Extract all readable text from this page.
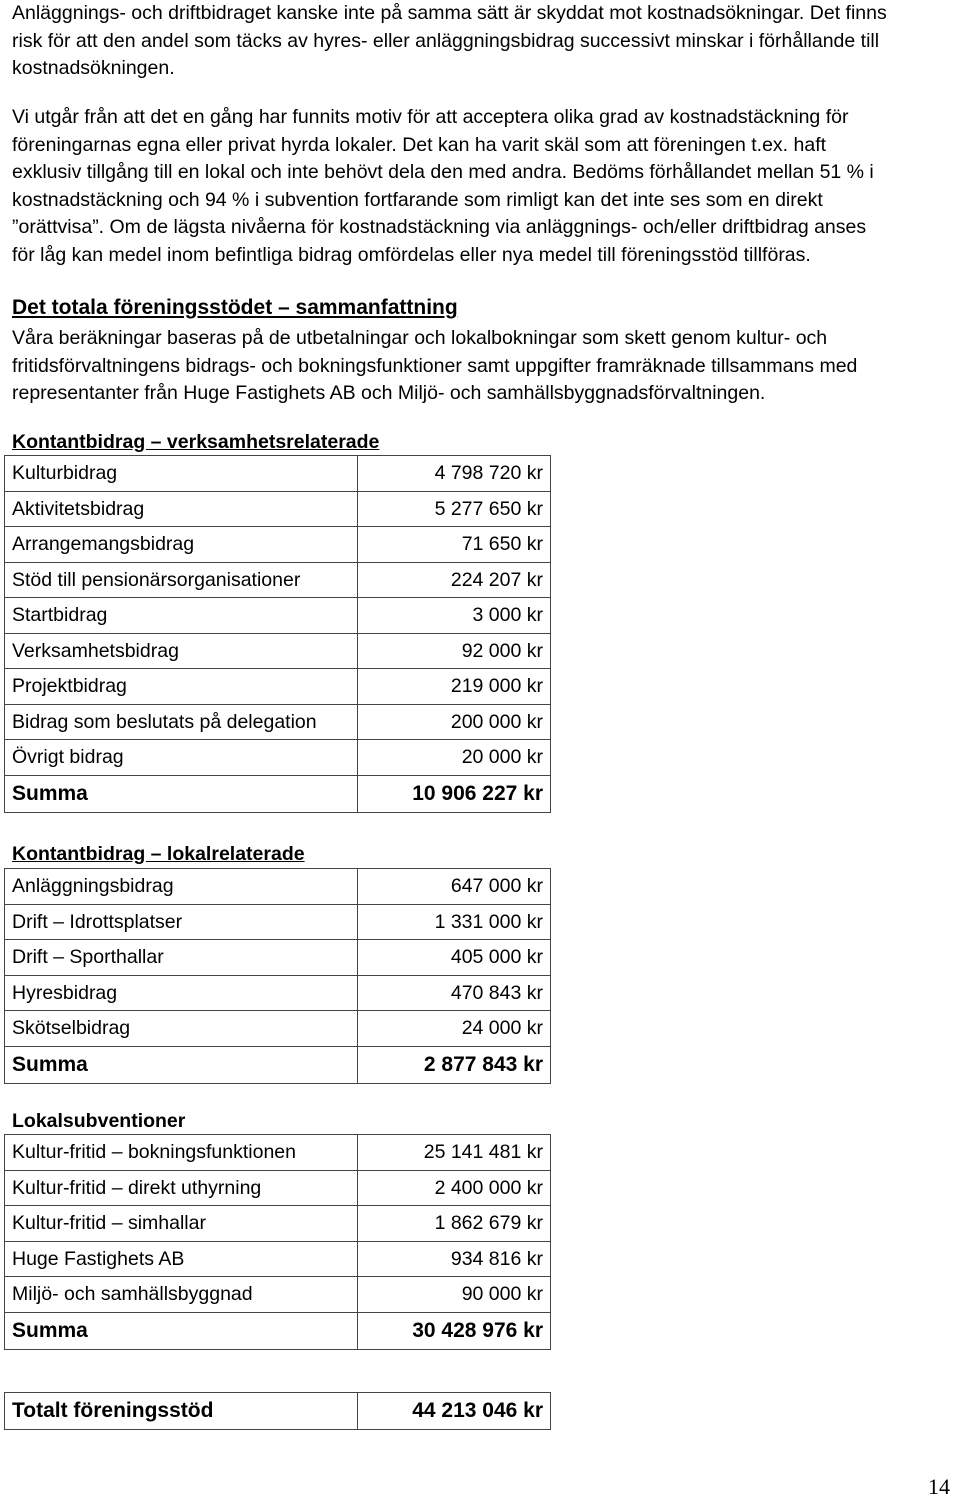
Anläggnings- och driftbidraget kanske inte på samma sätt är skyddat mot kostnadsökningar. Det finns
risk för att den andel som täcks av hyres- eller anläggningsbidrag successivt minskar i förhållande till
kostnadsökningen.

Vi utgår från att det en gång har funnits motiv för att acceptera olika grad av kostnadstäckning för
föreningarnas egna eller privat hyrda lokaler. Det kan ha varit skäl som att föreningen t.ex. haft
exklusiv tillgång till en lokal och inte behövt dela den med andra. Bedöms förhållandet mellan 51 % i
kostnadstäckning och 94 % i subvention fortfarande som rimligt kan det inte ses som en direkt
”orättvisa”. Om de lägsta nivåerna för kostnadstäckning via anläggnings- och/eller driftbidrag anses
för låg kan medel inom befintliga bidrag omfördelas eller nya medel till föreningsstöd tillföras.

Det totala föreningsstödet – sammanfattning

Våra beräkningar baseras på de utbetalningar och lokalbokningar som skett genom kultur- och
fritidsförvaltningens bidrags- och bokningsfunktioner samt uppgifter framräknade tillsammans med
representanter från Huge Fastighets AB och Miljö- och samhällsbyggnadsförvaltningen.

Kontantbidrag – verksamhetsrelaterade
Kulturbidrag	4 798 720 kr
Aktivitetsbidrag	5 277 650 kr
Arrangemangsbidrag	71 650 kr
Stöd till pensionärsorganisationer	224 207 kr
Startbidrag	3 000 kr
Verksamhetsbidrag	92 000 kr
Projektbidrag	219 000 kr
Bidrag som beslutats på delegation	200 000 kr
Övrigt bidrag	20 000 kr
Summa	10 906 227 kr
Kontantbidrag – lokalrelaterade
Anläggningsbidrag	647 000 kr
Drift – Idrottsplatser	1 331 000 kr
Drift – Sporthallar	405 000 kr
Hyresbidrag	470 843 kr
Skötselbidrag	24 000 kr
Summa	2 877 843 kr
Lokalsubventioner
Kultur-fritid – bokningsfunktionen	25 141 481 kr
Kultur-fritid – direkt uthyrning	2 400 000 kr
Kultur-fritid – simhallar	1 862 679 kr
Huge Fastighets AB	934 816 kr
Miljö- och samhällsbyggnad	90 000 kr
Summa	30 428 976 kr
Totalt föreningsstöd	44 213 046 kr
14
